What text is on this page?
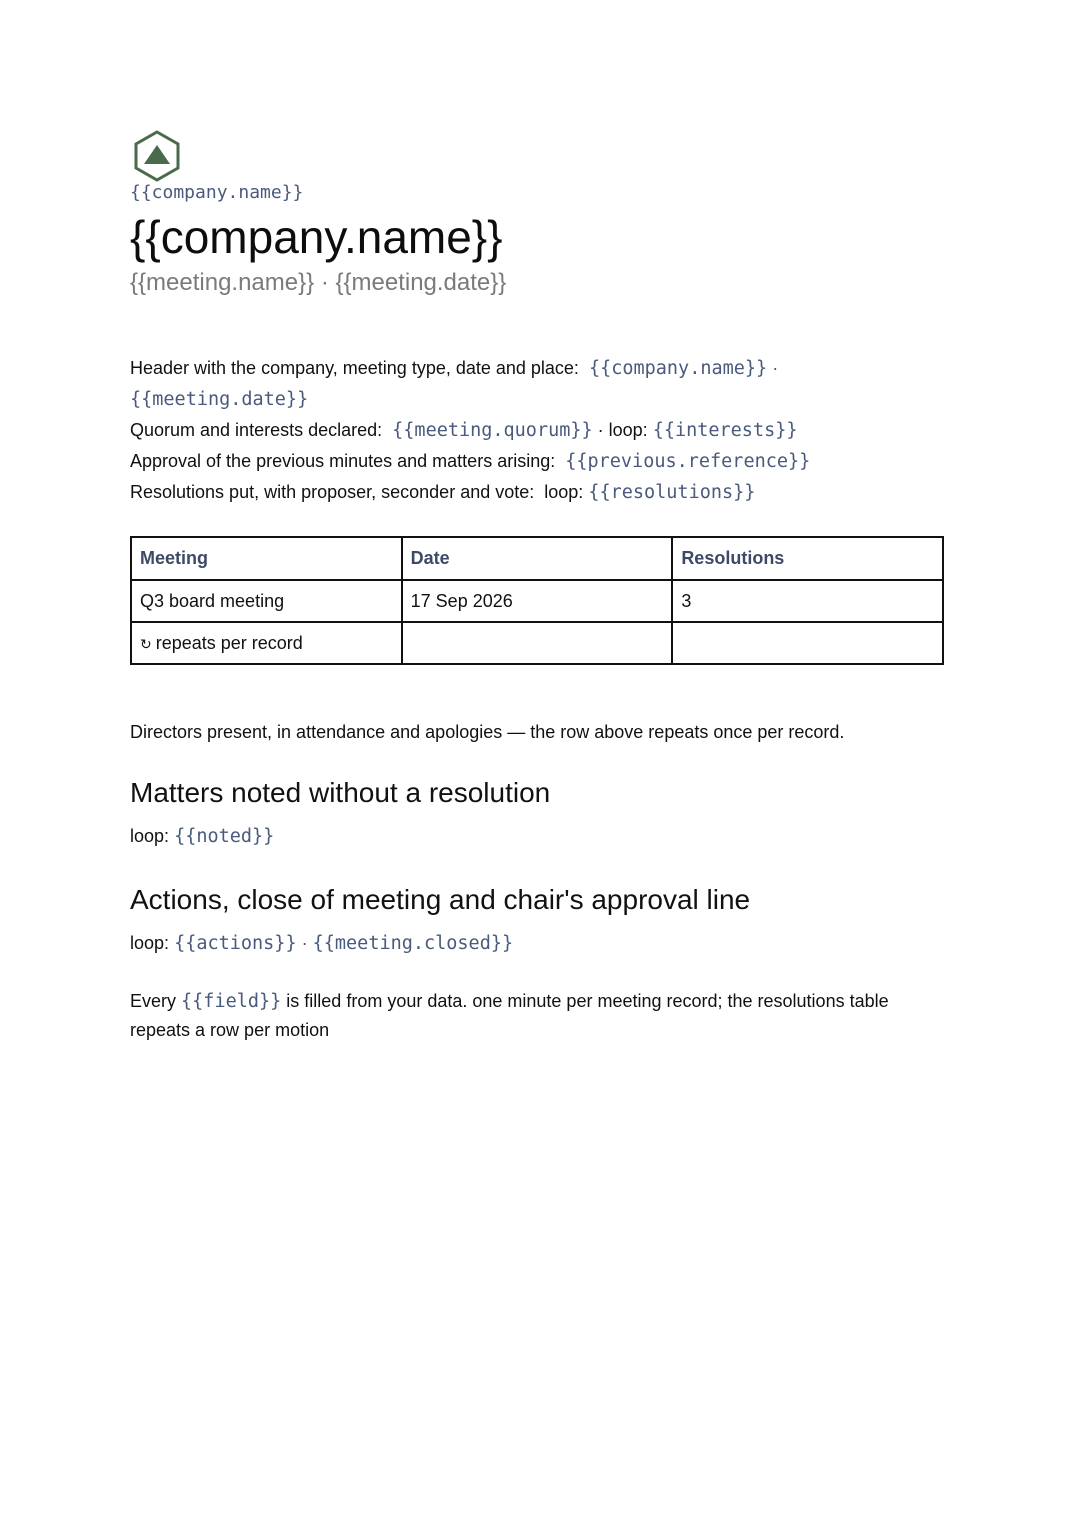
{{company.name}}
{{company.name}}
{{meeting.name}} · {{meeting.date}}
Header with the company, meeting type, date and place: {{company.name}} · {{meeting.date}}
Quorum and interests declared: {{meeting.quorum}} · loop: {{interests}}
Approval of the previous minutes and matters arising: {{previous.reference}}
Resolutions put, with proposer, seconder and vote: loop: {{resolutions}}
Meeting	Date	Resolutions
Q3 board meeting	17 Sep 2026	3
↻ repeats per record		
Directors present, in attendance and apologies — the row above repeats once per record.
Matters noted without a resolution
loop: {{noted}}
Actions, close of meeting and chair's approval line
loop: {{actions}} · {{meeting.closed}}
Every {{field}} is filled from your data. one minute per meeting record; the resolutions table repeats a row per motion
